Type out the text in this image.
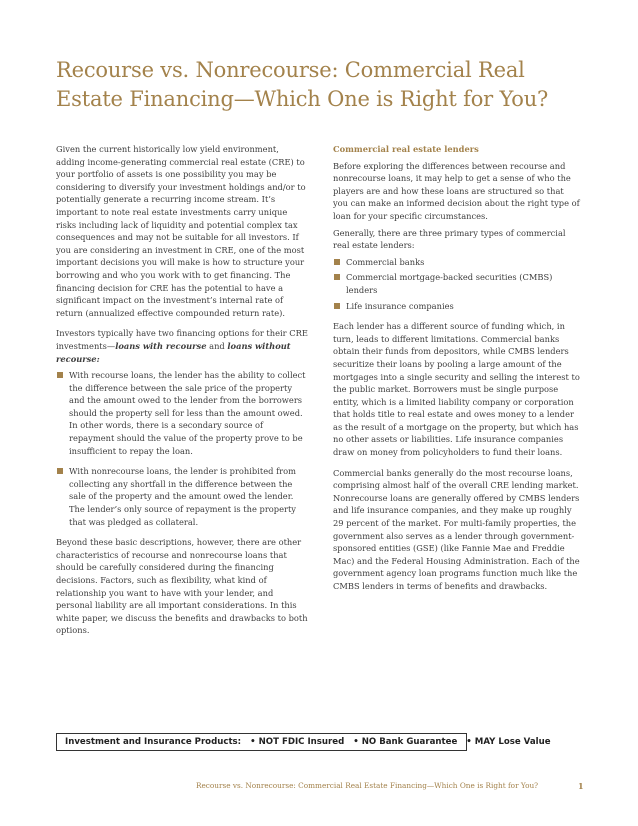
Recourse vs. Nonrecourse: Commercial Real Estate Financing—Which One is Right for You?

Given the current historically low yield environment, adding income-generating commercial real estate (CRE) to your portfolio of assets is one possibility you may be considering to diversify your investment holdings and/or to potentially generate a recurring income stream. It’s important to note real estate investments carry unique risks including lack of liquidity and potential complex tax consequences and may not be suitable for all investors. If you are considering an investment in CRE, one of the most important decisions you will make is how to structure your borrowing and who you work with to get financing. The financing decision for CRE has the potential to have a significant impact on the investment’s internal rate of return (annualized effective compounded return rate).

Investors typically have two financing options for their CRE investments—loans with recourse and loans without recourse:

With recourse loans, the lender has the ability to collect the difference between the sale price of the property and the amount owed to the lender from the borrowers should the property sell for less than the amount owed. In other words, there is a secondary source of repayment should the value of the property prove to be insufficient to repay the loan.
With nonrecourse loans, the lender is prohibited from collecting any shortfall in the difference between the sale of the property and the amount owed the lender. The lender’s only source of repayment is the property that was pledged as collateral.

Beyond these basic descriptions, however, there are other characteristics of recourse and nonrecourse loans that should be carefully considered during the financing decisions. Factors, such as flexibility, what kind of relationship you want to have with your lender, and personal liability are all important considerations. In this white paper, we discuss the benefits and drawbacks to both options.

Commercial real estate lenders

Before exploring the differences between recourse and nonrecourse loans, it may help to get a sense of who the players are and how these loans are structured so that you can make an informed decision about the right type of loan for your specific circumstances.

Generally, there are three primary types of commercial real estate lenders:

Commercial banks
Commercial mortgage-backed securities (CMBS) lenders
Life insurance companies

Each lender has a different source of funding which, in turn, leads to different limitations. Commercial banks obtain their funds from depositors, while CMBS lenders securitize their loans by pooling a large amount of the mortgages into a single security and selling the interest to the public market. Borrowers must be single purpose entity, which is a limited liability company or corporation that holds title to real estate and owes money to a lender as the result of a mortgage on the property, but which has no other assets or liabilities. Life insurance companies draw on money from policyholders to fund their loans.

Commercial banks generally do the most recourse loans, comprising almost half of the overall CRE lending market. Nonrecourse loans are generally offered by CMBS lenders and life insurance companies, and they make up roughly 29 percent of the market. For multi-family properties, the government also serves as a lender through government-sponsored entities (GSE) (like Fannie Mae and Freddie Mac) and the Federal Housing Administration. Each of the government agency loan programs function much like the CMBS lenders in terms of benefits and drawbacks.

Investment and Insurance Products: • NOT FDIC Insured • NO Bank Guarantee • MAY Lose Value
Recourse vs. Nonrecourse: Commercial Real Estate Financing—Which One is Right for You?	1
